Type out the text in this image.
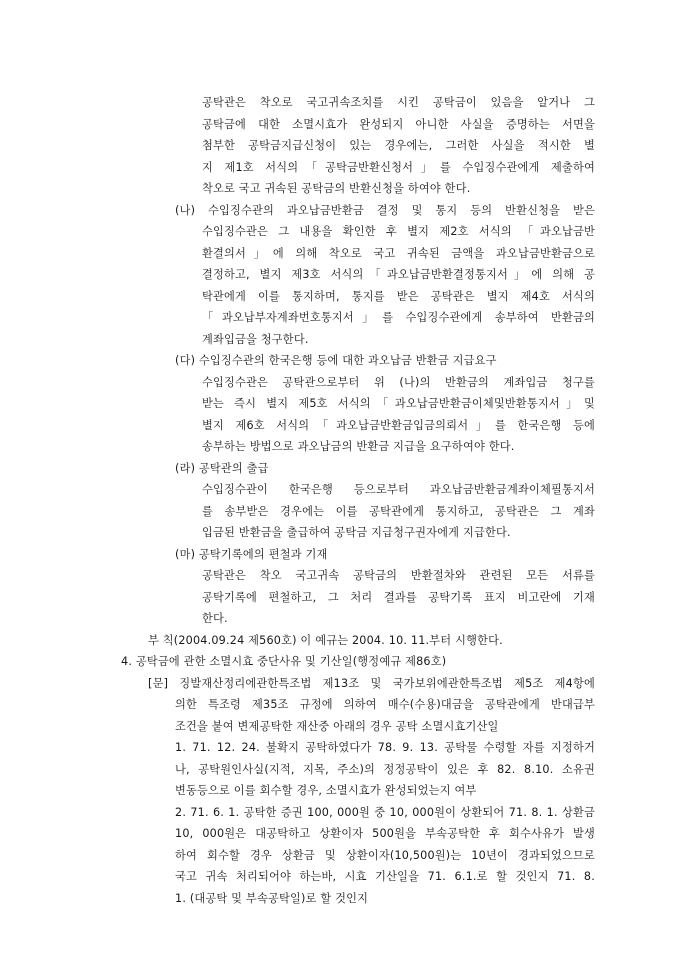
공탁관은 착오로 국고귀속조치를 시킨 공탁금이 있음을 알거나 그
공탁금에 대한 소멸시효가 완성되지 아니한 사실을 증명하는 서면을
첨부한 공탁금지급신청이 있는 경우에는, 그러한 사실을 적시한 별
지 제1호 서식의「공탁금반환신청서」를 수입징수관에게 제출하여
착오로 국고 귀속된 공탁금의 반환신청을 하여야 한다.
(나) 수입징수관의 과오납금반환금 결정 및 통지 등의 반환신청을 받은
수입징수관은 그 내용을 확인한 후 별지 제2호 서식의 「과오납금반
환결의서」에 의해 착오로 국고 귀속된 금액을 과오납금반환금으로
결정하고, 별지 제3호 서식의「과오납금반환결정통지서」에 의해 공
탁관에게 이를 통지하며, 통지를 받은 공탁관은 별지 제4호 서식의
「과오납부자계좌번호통지서」를 수입징수관에게 송부하여 반환금의
계좌입금을 청구한다.
(다) 수입징수관의 한국은행 등에 대한 과오납금 반환금 지급요구
수입징수관은 공탁관으로부터 위 (나)의 반환금의 계좌입금 청구를
받는 즉시 별지 제5호 서식의「과오납금반환금이체및반환통지서」및
별지 제6호 서식의「과오납금반환금입금의뢰서」를 한국은행 등에
송부하는 방법으로 과오납금의 반환금 지급을 요구하여야 한다.
(라) 공탁관의 출급
수입징수관이 한국은행 등으로부터 과오납금반환금계좌이체필통지서
를 송부받은 경우에는 이를 공탁관에게 통지하고, 공탁관은 그 계좌
입금된 반환금을 출급하여 공탁금 지급청구권자에게 지급한다.
(마) 공탁기록에의 편철과 기재
공탁관은 착오 국고귀속 공탁금의 반환절차와 관련된 모든 서류를
공탁기록에 편철하고, 그 처리 결과를 공탁기록 표지 비고란에 기재
한다.
부 칙(2004.09.24 제560호) 이 예규는 2004. 10. 11.부터 시행한다.
4. 공탁금에 관한 소멸시효 중단사유 및 기산일(행정예규 제86호)
[문] 징발재산정리에관한특조법 제13조 및 국가보위에관한특조법 제5조 제4항에
의한 특조령 제35조 규정에 의하여 매수(수용)대금을 공탁관에게 반대급부
조건을 붙여 변제공탁한 재산중 아래의 경우 공탁 소멸시효기산일
1. 71. 12. 24. 불확지 공탁하였다가 78. 9. 13. 공탁물 수령할 자를 지정하거
나, 공탁원인사실(지적, 지목, 주소)의 정정공탁이 있은 후 82. 8.10. 소유권
변동등으로 이를 회수할 경우, 소멸시효가 완성되었는지 여부
2. 71. 6. 1. 공탁한 증권 100, 000원 중 10, 000원이 상환되어 71. 8. 1. 상환금
10, 000원은 대공탁하고 상환이자 500원을 부속공탁한 후 회수사유가 발생
하여 회수할 경우 상환금 및 상환이자(10,500원)는 10년이 경과되었으므로
국고 귀속 처리되어야 하는바, 시효 기산일을 71. 6.1.로 할 것인지 71. 8.
1. (대공탁 및 부속공탁일)로 할 것인지
